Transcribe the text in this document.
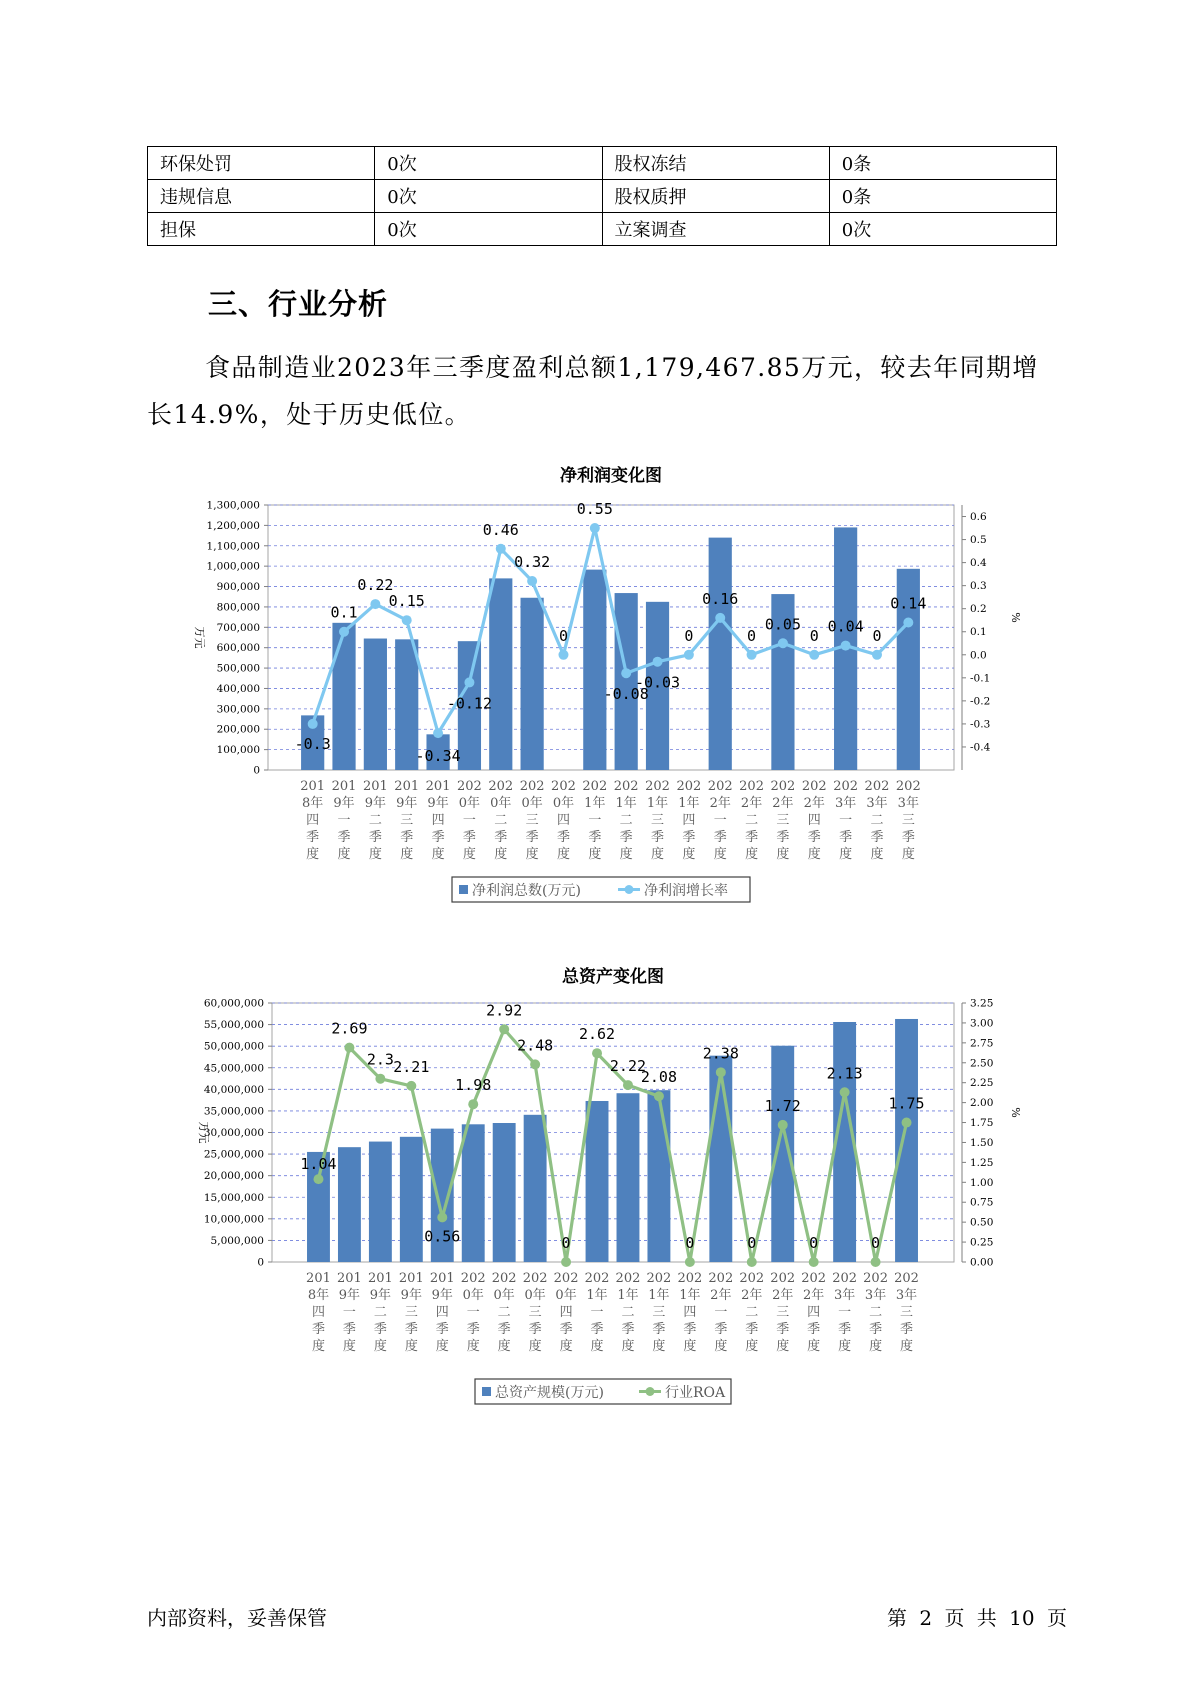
环保处罚	0次	股权冻结	0条
违规信息	0次	股权质押	0条
担保	0次	立案调查	0次
三、行业分析

食品制造业2023年三季度盈利总额1,179,467.85万元，较去年同期增长14.9%，处于历史低位。

净利润变化图
0
100,000
200,000
300,000
400,000
500,000
600,000
700,000
800,000
900,000
1,000,000
1,100,000
1,200,000
1,300,000
-0.4
-0.3
-0.2
-0.1
0.0
0.1
0.2
0.3
0.4
0.5
0.6
万元
%
201
8年
四
季
度
201
9年
一
季
度
201
9年
二
季
度
201
9年
三
季
度
201
9年
四
季
度
202
0年
一
季
度
202
0年
二
季
度
202
0年
三
季
度
202
0年
四
季
度
202
1年
一
季
度
202
1年
二
季
度
202
1年
三
季
度
202
1年
四
季
度
202
2年
一
季
度
202
2年
二
季
度
202
2年
三
季
度
202
2年
四
季
度
202
3年
一
季
度
202
3年
二
季
度
202
3年
三
季
度
-0.3
0.1
0.22
0.15
-0.34
-0.12
0.46
0.32
0
0.55
-0.08
-0.03
0
0.16
0
0.05
0
0.04
0
0.14
净利润总数(万元)	净利润增长率
总资产变化图
0
5,000,000
10,000,000
15,000,000
20,000,000
25,000,000
30,000,000
35,000,000
40,000,000
45,000,000
50,000,000
55,000,000
60,000,000
0.00
0.25
0.50
0.75
1.00
1.25
1.50
1.75
2.00
2.25
2.50
2.75
3.00
3.25
万元
%
201
8年
四
季
度
201
9年
一
季
度
201
9年
二
季
度
201
9年
三
季
度
201
9年
四
季
度
202
0年
一
季
度
202
0年
二
季
度
202
0年
三
季
度
202
0年
四
季
度
202
1年
一
季
度
202
1年
二
季
度
202
1年
三
季
度
202
1年
四
季
度
202
2年
一
季
度
202
2年
二
季
度
202
2年
三
季
度
202
2年
四
季
度
202
3年
一
季
度
202
3年
二
季
度
202
3年
三
季
度
1.04
2.69
2.3 2.21
0.56
1.98
2.92
2.48
0
2.62
2.22
2.08
0
2.38
0
1.72
0
2.13
0
1.75
总资产规模(万元)	行业ROA
内部资料，妥善保管	第 2 页 共 10 页
